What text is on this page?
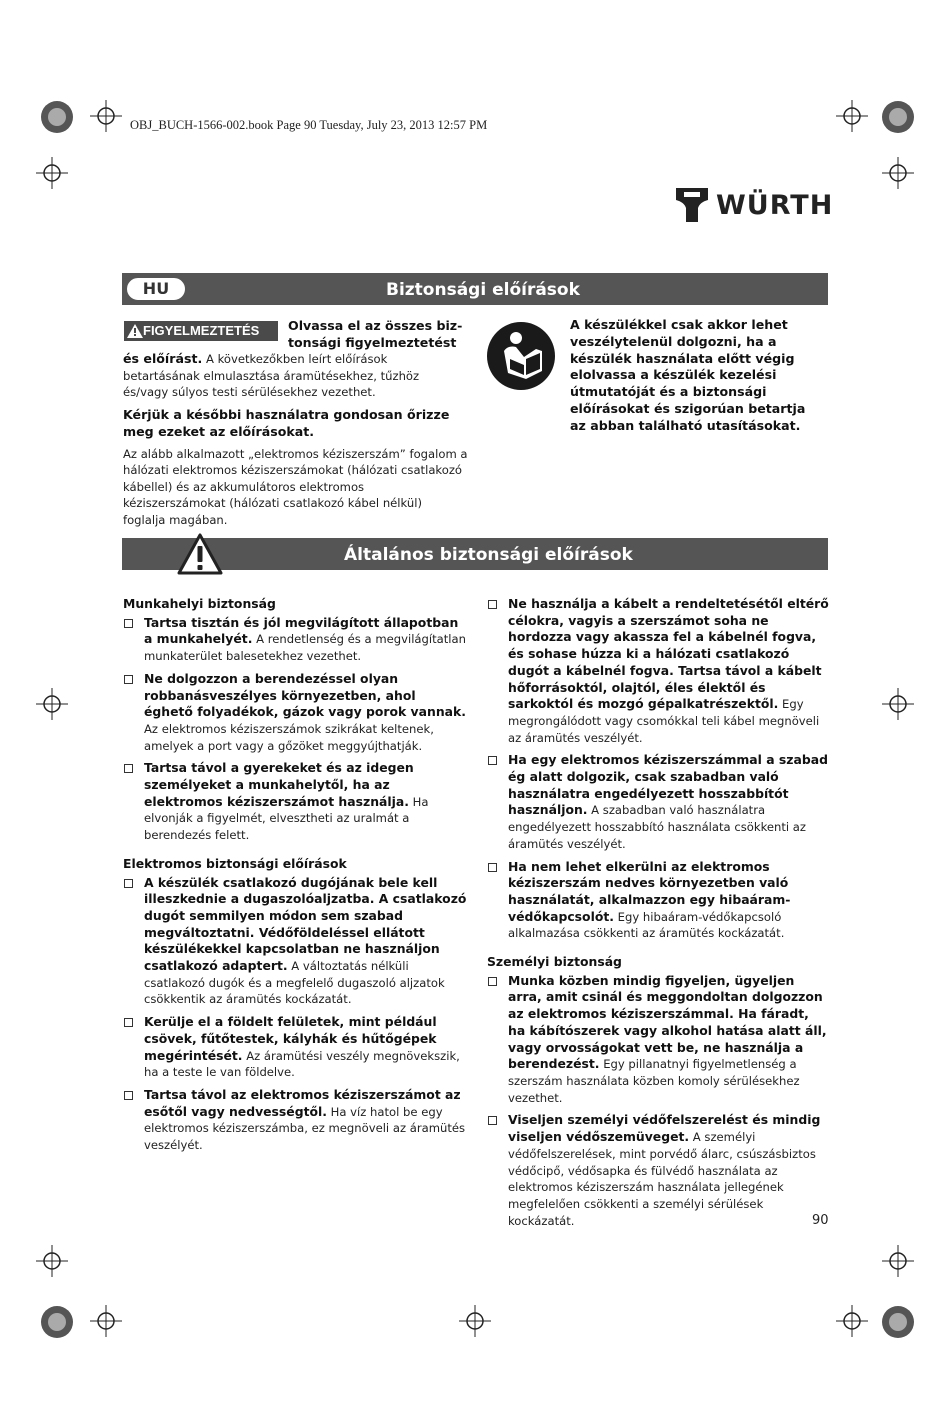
OBJ_BUCH-1566-002.book Page 90 Tuesday, July 23, 2013 12:57 PM
WÜRTH
Biztonsági előírások
HU
FIGYELMEZTETÉS Olvassa el az összes biz-
tonsági figyelmeztetést
és előírást. A következőkben leírt előírások betartásának elmulasztása áramütésekhez, tűzhöz és/vagy súlyos testi sérülésekhez vezethet.
Kérjük a későbbi használatra gondosan őrizze meg ezeket az előírásokat.
Az alább alkalmazott „elektromos kéziszerszám” fogalom a hálózati elektromos kéziszerszámokat (hálózati csatlakozó kábellel) és az akkumulátoros elektromos kéziszerszámokat (hálózati csatlakozó kábel nélkül) foglalja magában.
A készülékkel csak akkor lehet veszélytelenül dolgozni, ha a készülék használata előtt végig elolvassa a készülék kezelési útmutatóját és a biztonsági előírásokat és szigorúan betartja az abban található utasításokat.
Általános biztonsági előírások
Munkahelyi biztonság
Tartsa tisztán és jól megvilágított állapotban a munkahelyét. A rendetlenség és a megvilágítatlan munkaterület balesetekhez vezethet.
Ne dolgozzon a berendezéssel olyan robbanásveszélyes környezetben, ahol éghető folyadékok, gázok vagy porok vannak. Az elektromos kéziszerszámok szikrákat keltenek, amelyek a port vagy a gőzöket meggyújthatják.
Tartsa távol a gyerekeket és az idegen személyeket a munkahelytől, ha az elektromos kéziszerszámot használja. Ha elvonják a figyelmét, elvesztheti az uralmát a berendezés felett.
Elektromos biztonsági előírások
A készülék csatlakozó dugójának bele kell illeszkednie a dugaszolóaljzatba. A csatlakozó dugót semmilyen módon sem szabad megváltoztatni. Védőföldeléssel ellátott készülékekkel kapcsolatban ne használjon csatlakozó adaptert. A változtatás nélküli csatlakozó dugók és a megfelelő dugaszoló aljzatok csökkentik az áramütés kockázatát.
Kerülje el a földelt felületek, mint például csövek, fűtőtestek, kályhák és hűtőgépek megérintését. Az áramütési veszély megnövekszik, ha a teste le van földelve.
Tartsa távol az elektromos kéziszerszámot az esőtől vagy nedvességtől. Ha víz hatol be egy elektromos kéziszerszámba, ez megnöveli az áramütés veszélyét.
Ne használja a kábelt a rendeltetésétől eltérő célokra, vagyis a szerszámot soha ne hordozza vagy akassza fel a kábelnél fogva, és sohase húzza ki a hálózati csatlakozó dugót a kábelnél fogva. Tartsa távol a kábelt hőforrásoktól, olajtól, éles élektől és sarkoktól és mozgó gépalkatrészektől. Egy megrongálódott vagy csomókkal teli kábel megnöveli az áramütés veszélyét.
Ha egy elektromos kéziszerszámmal a szabad ég alatt dolgozik, csak szabadban való használatra engedélyezett hosszabbítót használjon. A szabadban való használatra engedélyezett hosszabbító használata csökkenti az áramütés veszélyét.
Ha nem lehet elkerülni az elektromos kéziszerszám nedves környezetben való használatát, alkalmazzon egy hibaáram-védőkapcsolót. Egy hibaáram-védőkapcsoló alkalmazása csökkenti az áramütés kockázatát.
Személyi biztonság
Munka közben mindig figyeljen, ügyeljen arra, amit csinál és meggondoltan dolgozzon az elektromos kéziszerszámmal. Ha fáradt, ha kábítószerek vagy alkohol hatása alatt áll, vagy orvosságokat vett be, ne használja a berendezést. Egy pillanatnyi figyelmetlenség a szerszám használata közben komoly sérülésekhez vezethet.
Viseljen személyi védőfelszerelést és mindig viseljen védőszemüveget. A személyi védőfelszerelések, mint porvédő álarc, csúszásbiztos védőcipő, védősapka és fülvédő használata az elektromos kéziszerszám használata jellegének megfelelően csökkenti a személyi sérülések kockázatát.	90
